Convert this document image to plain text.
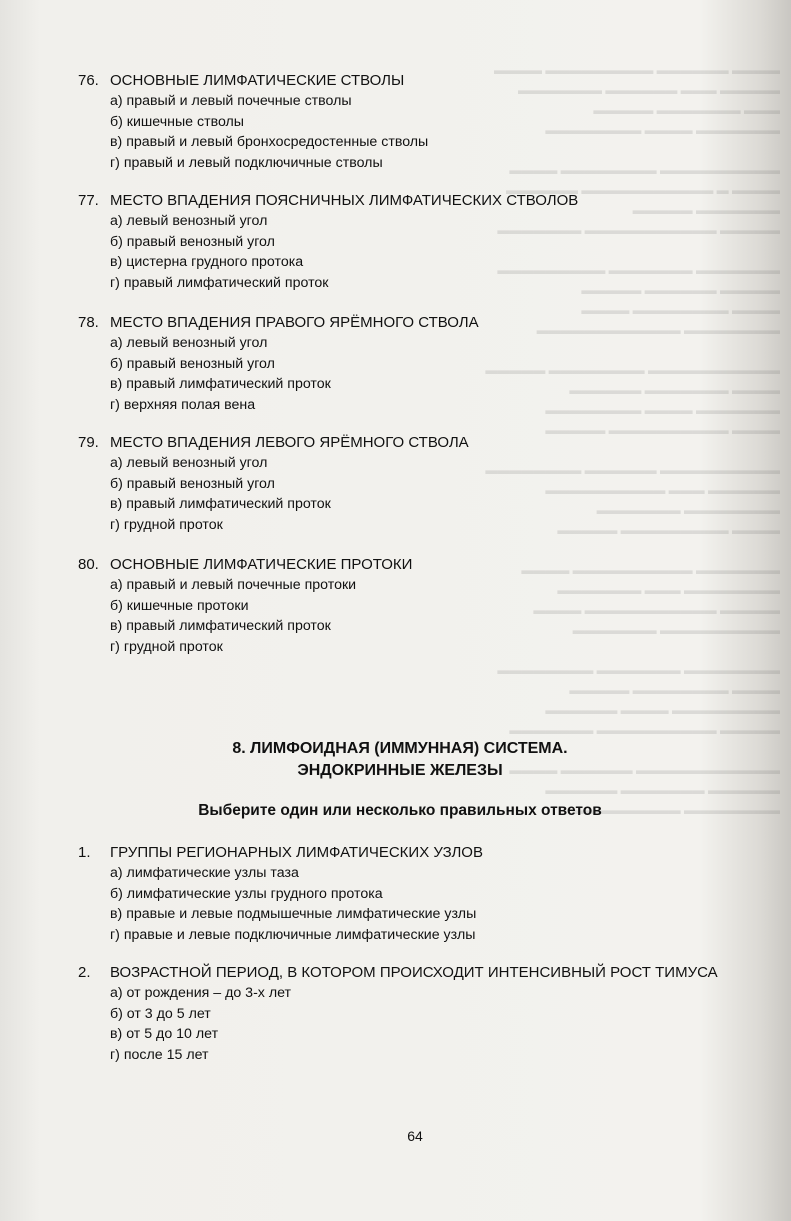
▬▬▬▬ ▬▬▬▬▬▬ ▬▬▬▬▬▬▬▬▬ ▬▬▬▬
▬▬▬▬▬ ▬▬▬ ▬▬▬▬▬▬ ▬▬▬▬▬▬▬
▬▬▬ ▬▬▬▬▬▬▬ ▬▬▬▬▬
▬▬▬▬▬▬▬ ▬▬▬▬ ▬▬▬▬▬▬▬▬

▬▬▬▬▬▬▬▬▬▬ ▬▬▬▬▬▬▬▬ ▬▬▬▬
▬▬▬▬ ▬ ▬▬▬▬▬▬▬▬▬▬▬ ▬▬▬▬▬▬
▬▬▬▬▬▬▬ ▬▬▬▬▬
▬▬▬▬▬ ▬▬▬▬▬▬▬▬▬▬▬ ▬▬▬▬▬▬▬

▬▬▬▬▬▬▬ ▬▬▬▬▬▬▬ ▬▬▬▬▬▬▬▬▬
▬▬▬▬▬ ▬▬▬▬▬▬ ▬▬▬▬▬
▬▬▬▬ ▬▬▬▬▬▬▬▬ ▬▬▬▬
▬▬▬▬▬▬▬▬ ▬▬▬▬▬▬▬▬▬▬▬▬

▬▬▬▬▬▬▬▬▬▬▬ ▬▬▬▬▬▬▬▬ ▬▬▬▬▬
▬▬▬▬ ▬▬▬▬▬▬▬ ▬▬▬▬▬▬
▬▬▬▬▬▬▬ ▬▬▬▬ ▬▬▬▬▬▬▬▬
▬▬▬▬ ▬▬▬▬▬▬▬▬▬▬ ▬▬▬▬▬

▬▬▬▬▬▬▬▬▬▬ ▬▬▬▬▬▬ ▬▬▬▬▬▬▬▬
▬▬▬▬▬▬ ▬▬▬ ▬▬▬▬▬▬▬▬▬▬
▬▬▬▬▬▬▬▬ ▬▬▬▬▬▬▬
▬▬▬▬ ▬▬▬▬▬▬▬▬▬ ▬▬▬▬▬

▬▬▬▬▬▬▬ ▬▬▬▬▬▬▬▬▬▬ ▬▬▬▬
▬▬▬▬▬▬▬▬ ▬▬▬ ▬▬▬▬▬▬▬
▬▬▬▬▬ ▬▬▬▬▬▬▬▬▬▬▬ ▬▬▬▬
▬▬▬▬▬▬▬▬▬▬ ▬▬▬▬▬▬▬

▬▬▬▬▬▬▬▬ ▬▬▬▬▬▬▬ ▬▬▬▬▬▬▬▬
▬▬▬▬ ▬▬▬▬▬▬▬▬ ▬▬▬▬▬
▬▬▬▬▬▬▬▬▬ ▬▬▬▬ ▬▬▬▬▬▬
▬▬▬▬▬ ▬▬▬▬▬▬▬▬▬▬ ▬▬▬▬▬▬▬

▬▬▬▬▬▬▬▬▬▬▬▬ ▬▬▬▬▬▬ ▬▬▬▬
▬▬▬▬▬▬ ▬▬▬▬▬▬▬ ▬▬▬▬▬▬
▬▬▬▬▬▬▬▬ ▬▬▬▬▬▬▬▬▬
76. ОСНОВНЫЕ ЛИМФАТИЧЕСКИЕ СТВОЛЫ
а) правый и левый почечные стволы
б) кишечные стволы
в) правый и левый бронхосредостенные стволы
г) правый и левый подключичные стволы
77. МЕСТО ВПАДЕНИЯ ПОЯСНИЧНЫХ ЛИМФАТИЧЕСКИХ СТВОЛОВ
а) левый венозный угол
б) правый венозный угол
в) цистерна грудного протока
г) правый лимфатический проток
78. МЕСТО ВПАДЕНИЯ ПРАВОГО ЯРЁМНОГО СТВОЛА
а) левый венозный угол
б) правый венозный угол
в) правый лимфатический проток
г) верхняя полая вена
79. МЕСТО ВПАДЕНИЯ ЛЕВОГО ЯРЁМНОГО СТВОЛА
а) левый венозный угол
б) правый венозный угол
в) правый лимфатический проток
г) грудной проток
80. ОСНОВНЫЕ ЛИМФАТИЧЕСКИЕ ПРОТОКИ
а) правый и левый почечные протоки
б) кишечные протоки
в) правый лимфатический проток
г) грудной проток
8. ЛИМФОИДНАЯ (ИММУННАЯ) СИСТЕМА.
ЭНДОКРИННЫЕ ЖЕЛЕЗЫ
Выберите один или несколько правильных ответов
1.	ГРУППЫ РЕГИОНАРНЫХ ЛИМФАТИЧЕСКИХ УЗЛОВ
а) лимфатические узлы таза
б) лимфатические узлы грудного протока
в) правые и левые подмышечные лимфатические узлы
г) правые и левые подключичные лимфатические узлы
2.	ВОЗРАСТНОЙ ПЕРИОД, В КОТОРОМ ПРОИСХОДИТ ИНТЕНСИВНЫЙ РОСТ ТИМУСА
а) от рождения – до 3-х лет
б) от 3 до 5 лет
в) от 5 до 10 лет
г) после 15 лет
64
